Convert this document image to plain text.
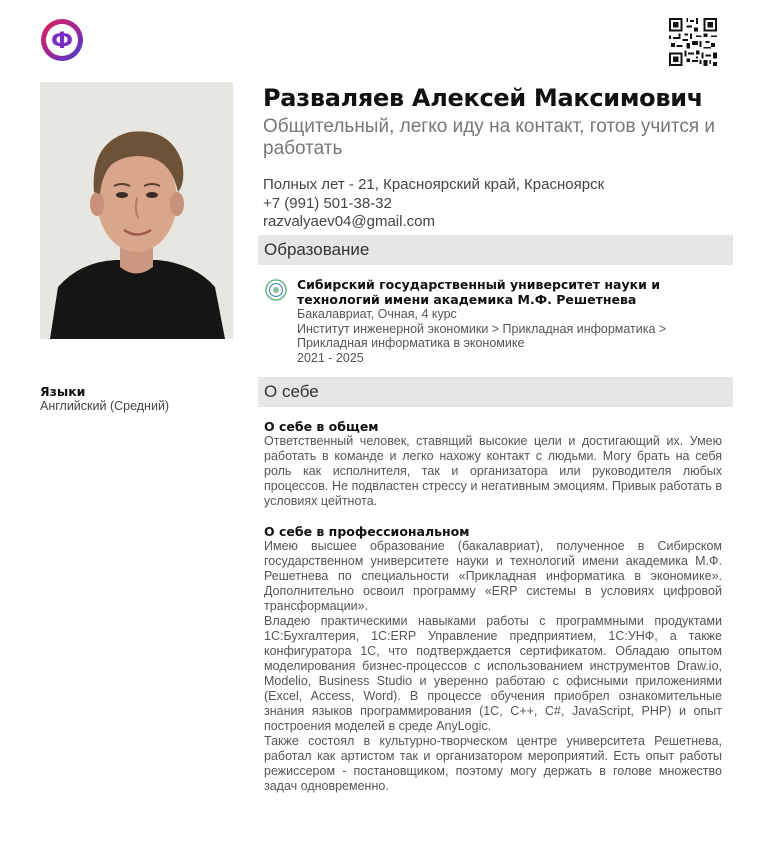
Ф
Разваляев Алексей Максимович
Общительный, легко иду на контакт, готов учится и работать
Полных лет - 21, Красноярский край, Красноярск
+7 (991) 501-38-32
razvalyaev04@gmail.com
Образование
Сибирский государственный университет науки и технологий имени академика М.Ф. Решетнева
Бакалавриат, Очная, 4 курс
Институт инженерной экономики > Прикладная информатика > Прикладная информатика в экономике
2021 - 2025
Языки
Английский (Средний)
О себе
О себе в общем

Ответственный человек, ставящий высокие цели и достигающий их. Умею работать в команде и легко нахожу контакт с людьми. Могу брать на себя роль как исполнителя, так и организатора или руководителя любых процессов. Не подвластен стрессу и негативным эмоциям. Привык работать в условиях цейтнота.

О себе в профессиональном

Имею высшее образование (бакалавриат), полученное в Сибирском государственном университете науки и технологий имени академика М.Ф. Решетнева по специальности «Прикладная информатика в экономике». Дополнительно освоил программу «ERP системы в условиях цифровой трансформации».

Владею практическими навыками работы с программными продуктами 1С:Бухгалтерия, 1С:ERP Управление предприятием, 1С:УНФ, а также конфигуратора 1С, что подтверждается сертификатом. Обладаю опытом моделирования бизнес-процессов с использованием инструментов Draw.io, Modelio, Business Studio и уверенно работаю с офисными приложениями (Excel, Access, Word). В процессе обучения приобрел ознакомительные знания языков программирования (1С, С++, С#, JavaScript, PHP) и опыт построения моделей в среде AnyLogic.

Также состоял в культурно-творческом центре университета Решетнева, работал как артистом так и организатором мероприятий. Есть опыт работы режиссером - постановщиком, поэтому могу держать в голове множество задач одновременно.
